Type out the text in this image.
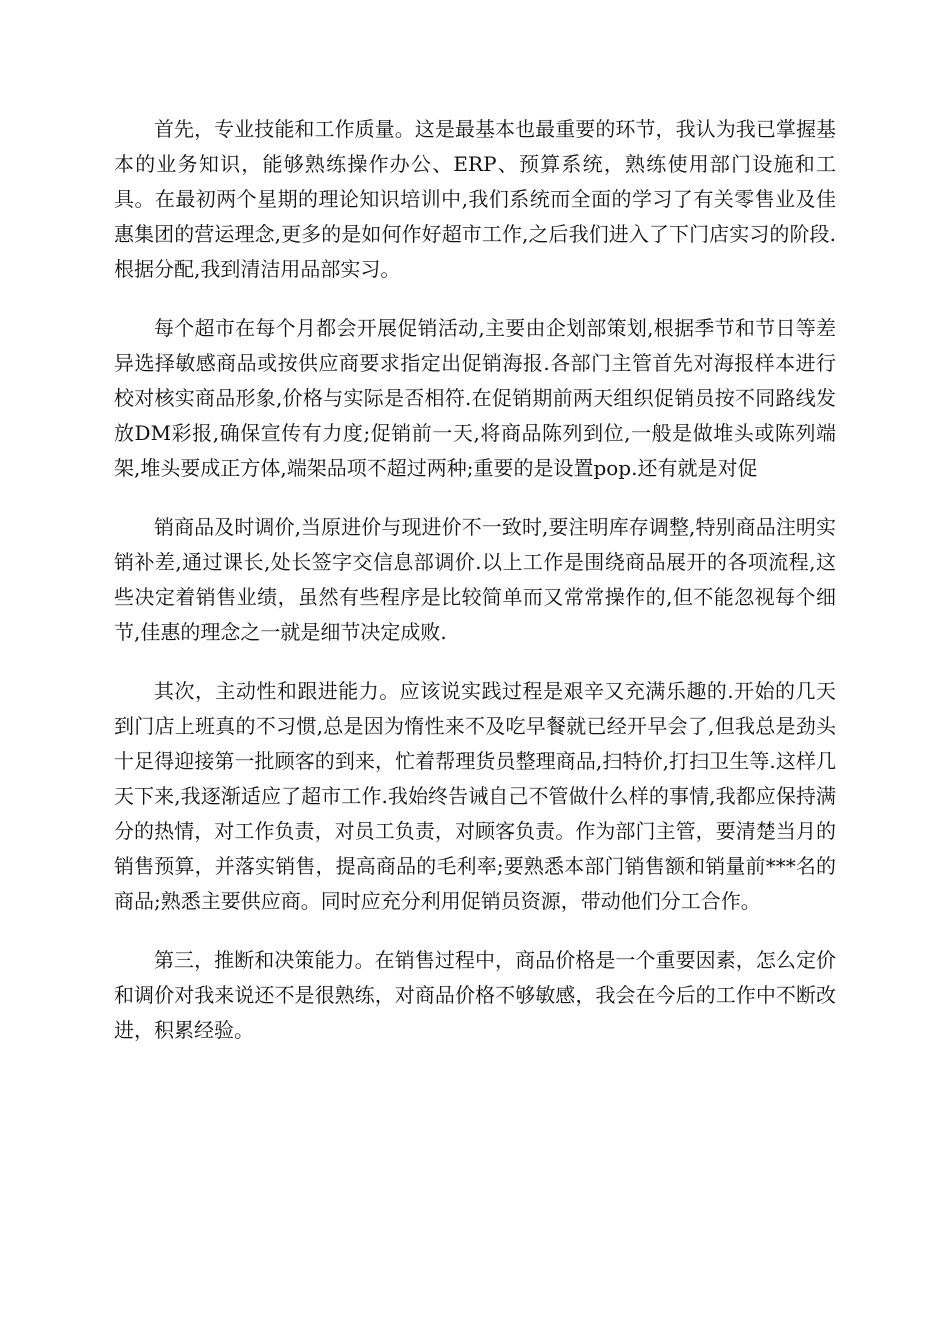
首先，专业技能和工作质量。这是最基本也最重要的环节，我认为我已掌握基本的业务知识，能够熟练操作办公、ERP、预算系统，熟练使用部门设施和工具。在最初两个星期的理论知识培训中,我们系统而全面的学习了有关零售业及佳惠集团的营运理念,更多的是如何作好超市工作,之后我们进入了下门店实习的阶段.根据分配,我到清洁用品部实习。

每个超市在每个月都会开展促销活动,主要由企划部策划,根据季节和节日等差异选择敏感商品或按供应商要求指定出促销海报.各部门主管首先对海报样本进行校对核实商品形象,价格与实际是否相符.在促销期前两天组织促销员按不同路线发放DM彩报,确保宣传有力度;促销前一天,将商品陈列到位,一般是做堆头或陈列端架,堆头要成正方体,端架品项不超过两种;重要的是设置pop.还有就是对促

销商品及时调价,当原进价与现进价不一致时,要注明库存调整,特别商品注明实销补差,通过课长,处长签字交信息部调价.以上工作是围绕商品展开的各项流程,这些决定着销售业绩，虽然有些程序是比较简单而又常常操作的,但不能忽视每个细节,佳惠的理念之一就是细节决定成败.

其次，主动性和跟进能力。应该说实践过程是艰辛又充满乐趣的.开始的几天到门店上班真的不习惯,总是因为惰性来不及吃早餐就已经开早会了,但我总是劲头十足得迎接第一批顾客的到来，忙着帮理货员整理商品,扫特价,打扫卫生等.这样几天下来,我逐渐适应了超市工作.我始终告诫自己不管做什么样的事情,我都应保持满分的热情，对工作负责，对员工负责，对顾客负责。作为部门主管，要清楚当月的销售预算，并落实销售，提高商品的毛利率;要熟悉本部门销售额和销量前***名的商品;熟悉主要供应商。同时应充分利用促销员资源，带动他们分工合作。

第三，推断和决策能力。在销售过程中，商品价格是一个重要因素，怎么定价和调价对我来说还不是很熟练，对商品价格不够敏感，我会在今后的工作中不断改进，积累经验。
